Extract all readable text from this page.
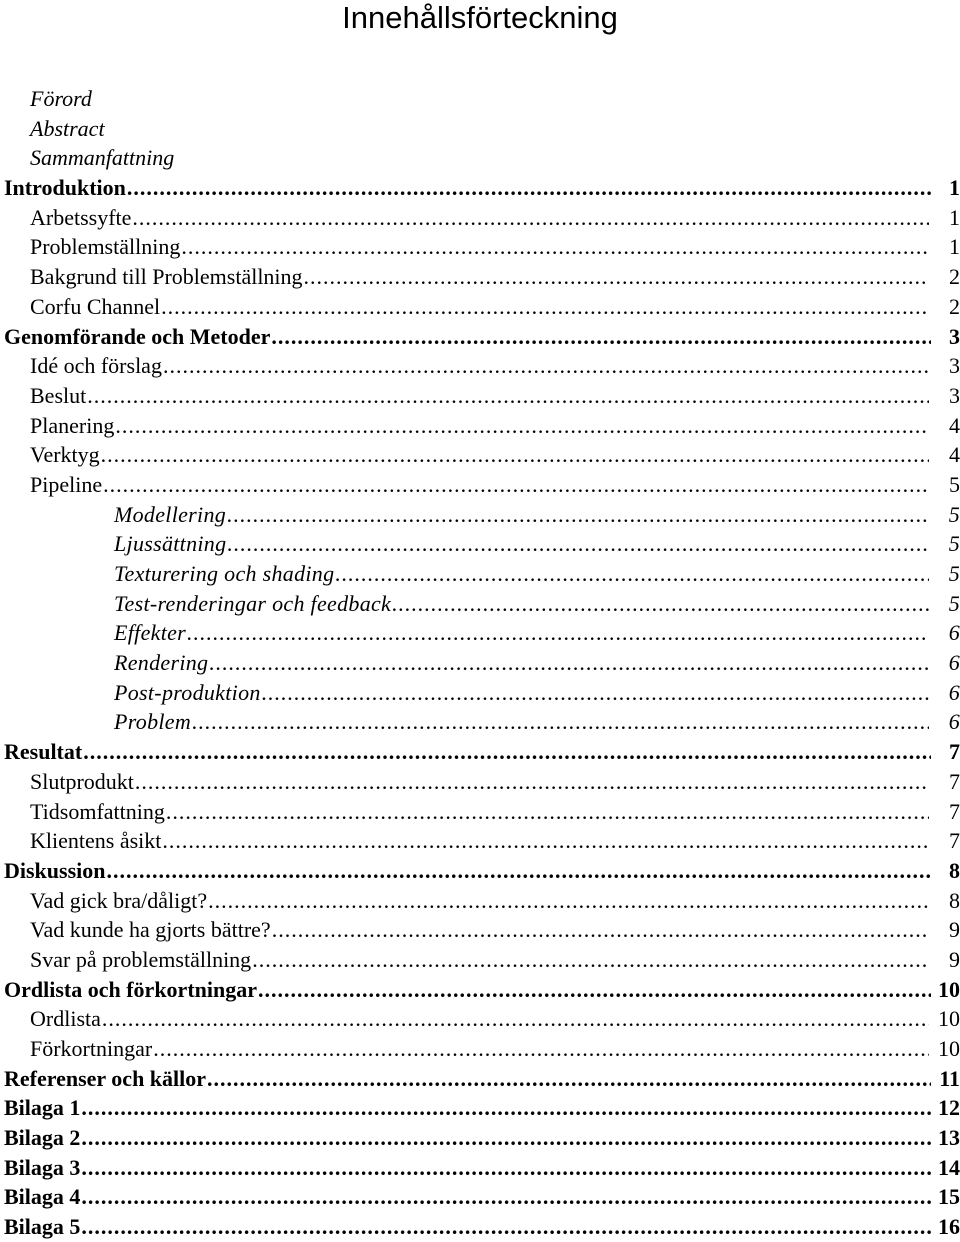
Innehållsförteckning
Förord
Abstract
Sammanfattning
Introduktion .....	1
Arbetssyfte .....	1
Problemställning .....	1
Bakgrund till Problemställning .....	2
Corfu Channel .....	2
Genomförande och Metoder .....	3
Idé och förslag .....	3
Beslut .....	3
Planering .....	4
Verktyg .....	4
Pipeline .....	5
Modellering .....	5
Ljussättning .....	5
Texturering och shading .....	5
Test-renderingar och feedback .....	5
Effekter .....	6
Rendering .....	6
Post-produktion .....	6
Problem .....	6
Resultat .....	7
Slutprodukt .....	7
Tidsomfattning .....	7
Klientens åsikt .....	7
Diskussion .....	8
Vad gick bra/dåligt? .....	8
Vad kunde ha gjorts bättre? .....	9
Svar på problemställning .....	9
Ordlista och förkortningar .....	10
Ordlista .....	10
Förkortningar .....	10
Referenser och källor .....	11
Bilaga 1 .....	12
Bilaga 2 .....	13
Bilaga 3 .....	14
Bilaga 4 .....	15
Bilaga 5 .....	16
